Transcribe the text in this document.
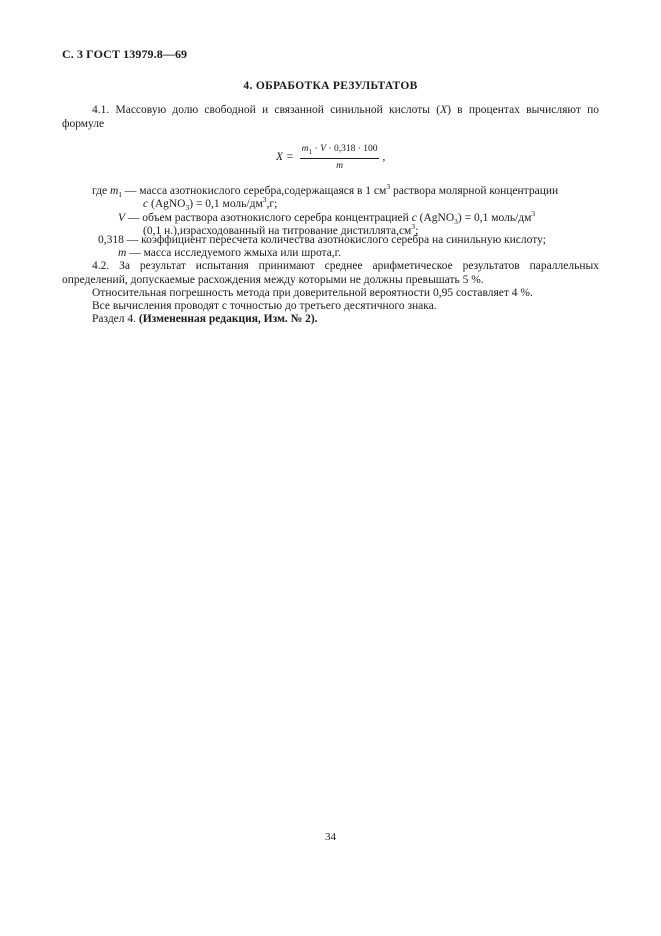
С. 3 ГОСТ 13979.8—69
4. ОБРАБОТКА РЕЗУЛЬТАТОВ

4.1. Массовую долю свободной и связанной синильной кислоты (X) в процентах вычисляют по формуле

$X = \frac{m_1 \cdot V \cdot 0,318 \cdot 100}{m}$ ,
где $m_1$ — масса азотнокислого серебра,содержащаяся в 1 $см^3$ раствора молярной концентрации
c (AgNO$_3$) = 0,1 моль/$дм^3,г$;
V — объем раствора азотнокислого серебра концентрацией c (AgNO$_3$) = 0,1 моль/$дм^3$
(0,1 н.),израсходованный на титрование $дистиллята,см^3$;
0,318 — коэффициент пересчета количества азотнокислого серебра на синильную кислоту;
m — масса исследуемого жмыха или шрота,г.

4.2. За результат испытания принимают среднее арифметическое результатов параллельных определений, допускаемые расхождения между которыми не должны превышать 5 %.

Относительная погрешность метода при доверительной вероятности 0,95 составляет 4 %.

Все вычисления проводят с точностью до третьего десятичного знака.

Раздел 4. (Измененная редакция, Изм. № 2).

34
